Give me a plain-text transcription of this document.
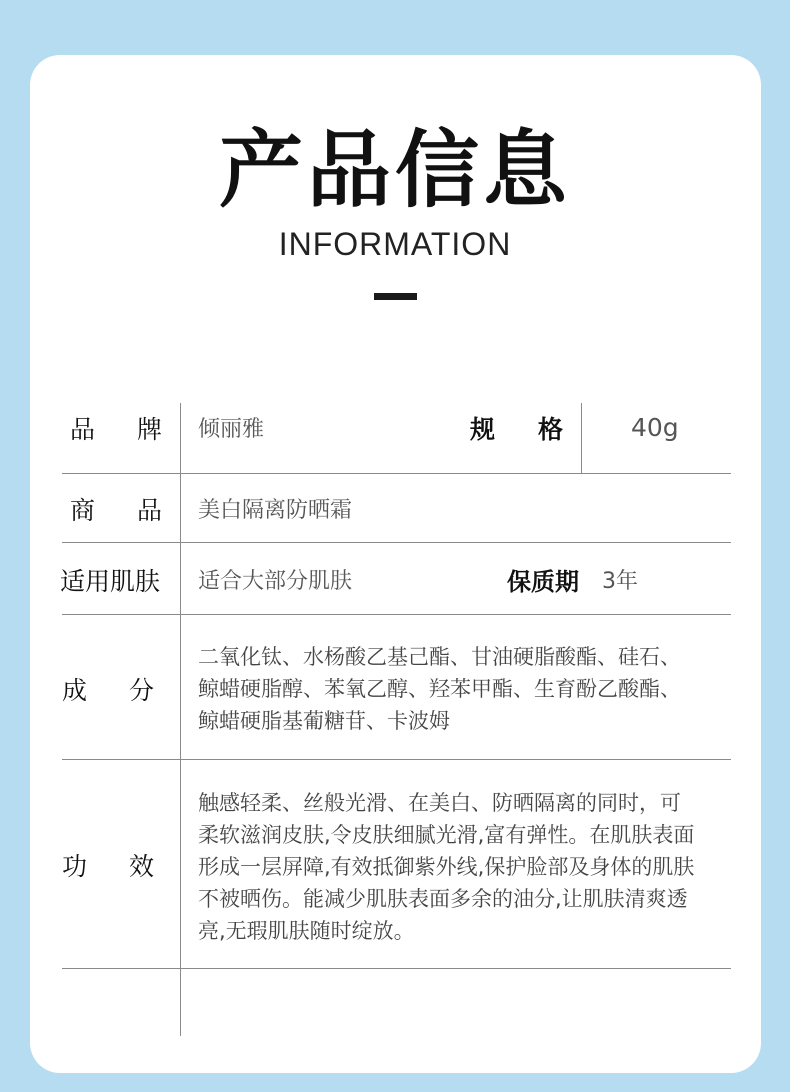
产品信息
INFORMATION
品 牌 倾丽雅	规 格	40g
商 品 美白隔离防晒霜
适用肌肤 适合大部分肌肤	保质期 3年
成 分
二氧化钛、水杨酸乙基己酯、甘油硬脂酸酯、硅石、
鲸蜡硬脂醇、苯氧乙醇、羟苯甲酯、生育酚乙酸酯、
鲸蜡硬脂基葡糖苷、卡波姆
功 效
触感轻柔、丝般光滑、在美白、防晒隔离的同时，可
柔软滋润皮肤,令皮肤细腻光滑,富有弹性。在肌肤表面
形成一层屏障,有效抵御紫外线,保护脸部及身体的肌肤
不被晒伤。能减少肌肤表面多余的油分,让肌肤清爽透
亮,无瑕肌肤随时绽放。
